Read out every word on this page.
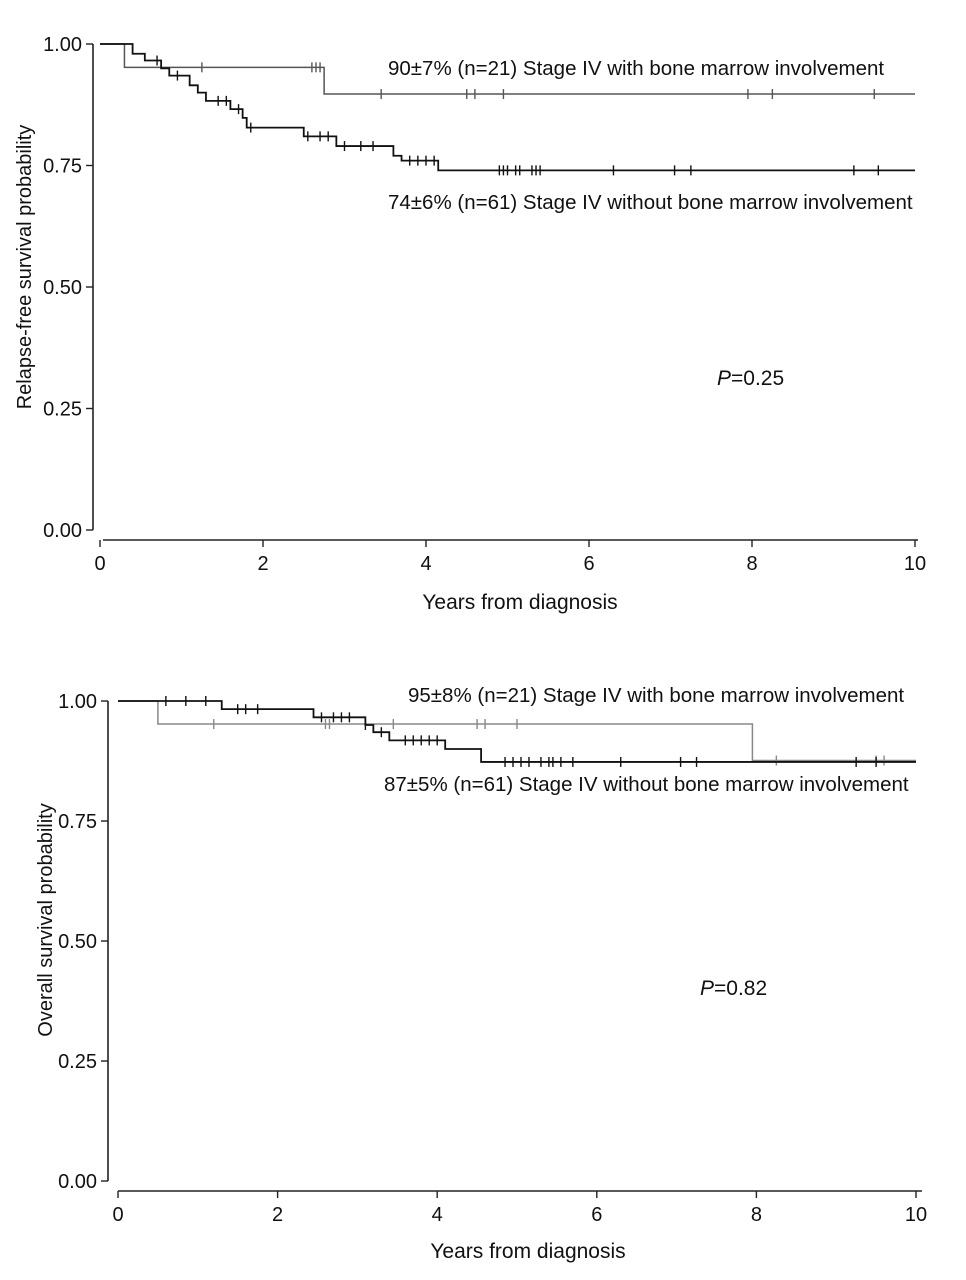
0.00
0.25
0.50
0.75
1.00
0	2	4	6	8	10
Relapse-free survival probability
Years from diagnosis
90±7% (n=21) Stage IV with bone marrow involvement
74±6% (n=61) Stage IV without bone marrow involvement
P=0.25
0.00
0.25
0.50
0.75
1.00
0	2	4	6	8	10
Overall survival probability
Years from diagnosis
95±8% (n=21) Stage IV with bone marrow involvement
87±5% (n=61) Stage IV without bone marrow involvement
P=0.82
